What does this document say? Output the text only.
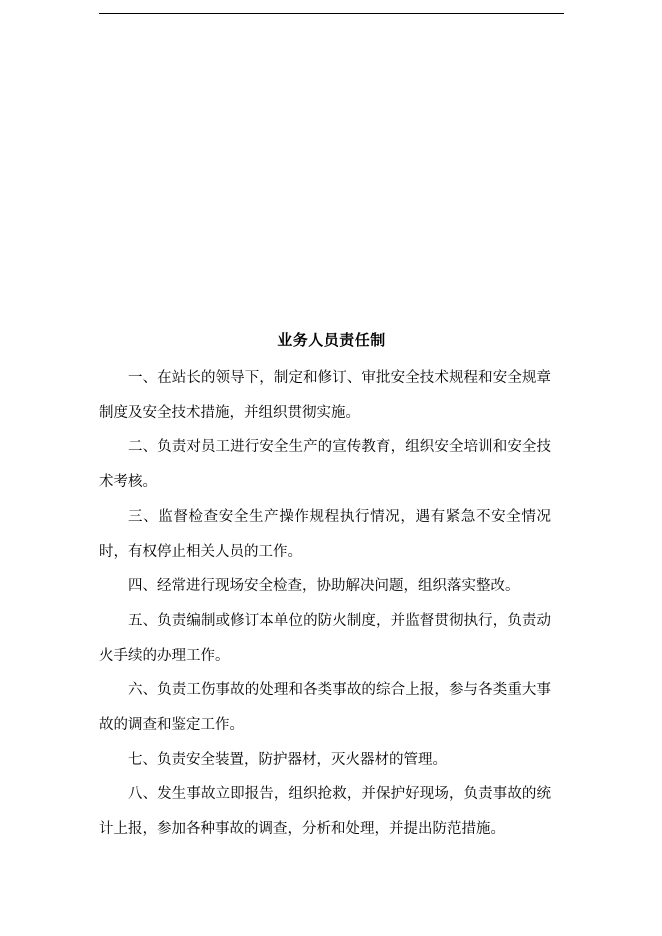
业务人员责任制

一、在站长的领导下，制定和修订、审批安全技术规程和安全规章制度及安全技术措施，并组织贯彻实施。

二、负责对员工进行安全生产的宣传教育，组织安全培训和安全技术考核。

三、监督检查安全生产操作规程执行情况，遇有紧急不安全情况时，有权停止相关人员的工作。

四、经常进行现场安全检查，协助解决问题，组织落实整改。

五、负责编制或修订本单位的防火制度，并监督贯彻执行，负责动火手续的办理工作。

六、负责工伤事故的处理和各类事故的综合上报，参与各类重大事故的调查和鉴定工作。

七、负责安全装置，防护器材，灭火器材的管理。

八、发生事故立即报告，组织抢救，并保护好现场，负责事故的统计上报，参加各种事故的调查，分析和处理，并提出防范措施。
